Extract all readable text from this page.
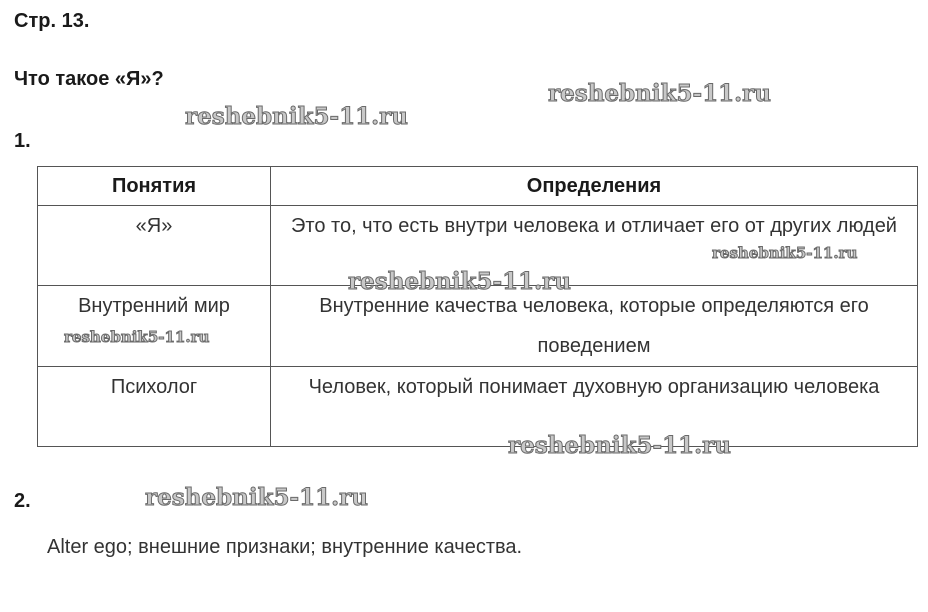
Стр. 13.
Что такое «Я»?
1.
Понятия	Определения
«Я»	Это то, что есть внутри человека и отличает его от других людей
Внутренний мир	Внутренние качества человека, которые определяются его поведением
Психолог	Человек, который понимает духовную организацию человека
2.
Alter ego; внешние признаки; внутренние качества.
reshebnik5-11.ru
reshebnik5-11.ru
reshebnik5-11.ru
reshebnik5-11.ru
reshebnik5-11.ru
reshebnik5-11.ru
reshebnik5-11.ru
